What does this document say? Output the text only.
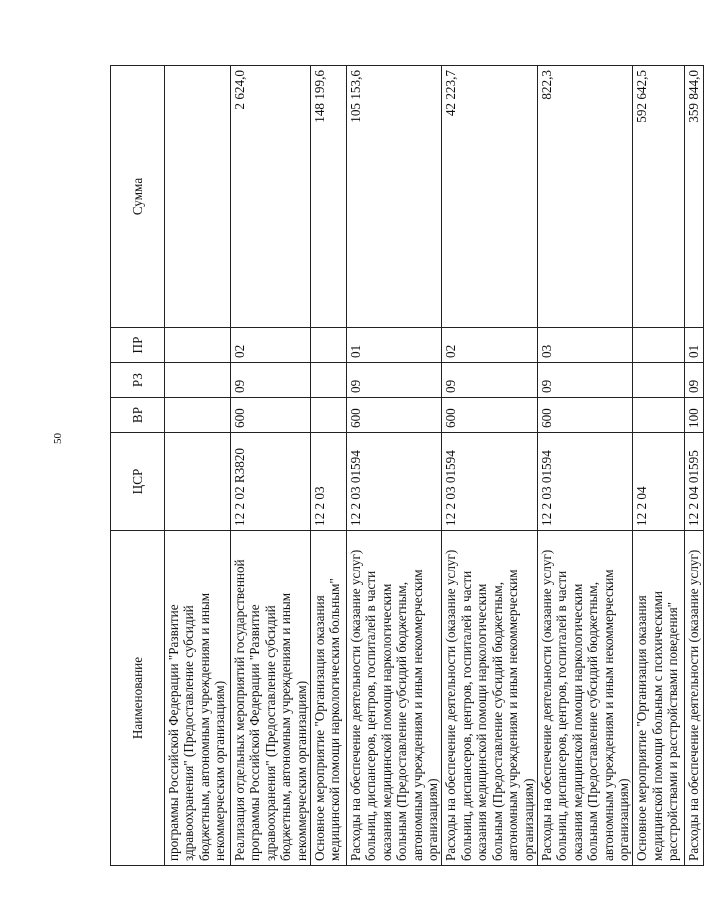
50
Наименование	ЦСР	ВР	РЗ	ПР	Сумма
программы Российской Федерации "Развитие здравоохранения" (Предоставление субсидий бюджетным, автономным учреждениям и иным некоммерческим организациям)					
Реализация отдельных мероприятий государственной программы Российской Федерации "Развитие здравоохранения" (Предоставление субсидий бюджетным, автономным учреждениям и иным некоммерческим организациям)	12 2 02 R3820	600	09	02	2 624,0
Основное мероприятие "Организация оказания медицинской помощи наркологическим больным"	12 2 03				148 199,6
Расходы на обеспечение деятельности (оказание услуг) больниц, диспансеров, центров, госпиталей в части оказания медицинской помощи наркологическим больным (Предоставление субсидий бюджетным, автономным учреждениям и иным некоммерческим организациям)	12 2 03 01594	600	09	01	105 153,6
Расходы на обеспечение деятельности (оказание услуг) больниц, диспансеров, центров, госпиталей в части оказания медицинской помощи наркологическим больным (Предоставление субсидий бюджетным, автономным учреждениям и иным некоммерческим организациям)	12 2 03 01594	600	09	02	42 223,7
Расходы на обеспечение деятельности (оказание услуг) больниц, диспансеров, центров, госпиталей в части оказания медицинской помощи наркологическим больным (Предоставление субсидий бюджетным, автономным учреждениям и иным некоммерческим организациям)	12 2 03 01594	600	09	03	822,3
Основное мероприятие "Организация оказания медицинской помощи больным с психическими расстройствами и расстройствами поведения"	12 2 04				592 642,5
Расходы на обеспечение деятельности (оказание услуг)	12 2 04 01595	100	09	01	359 844,0
